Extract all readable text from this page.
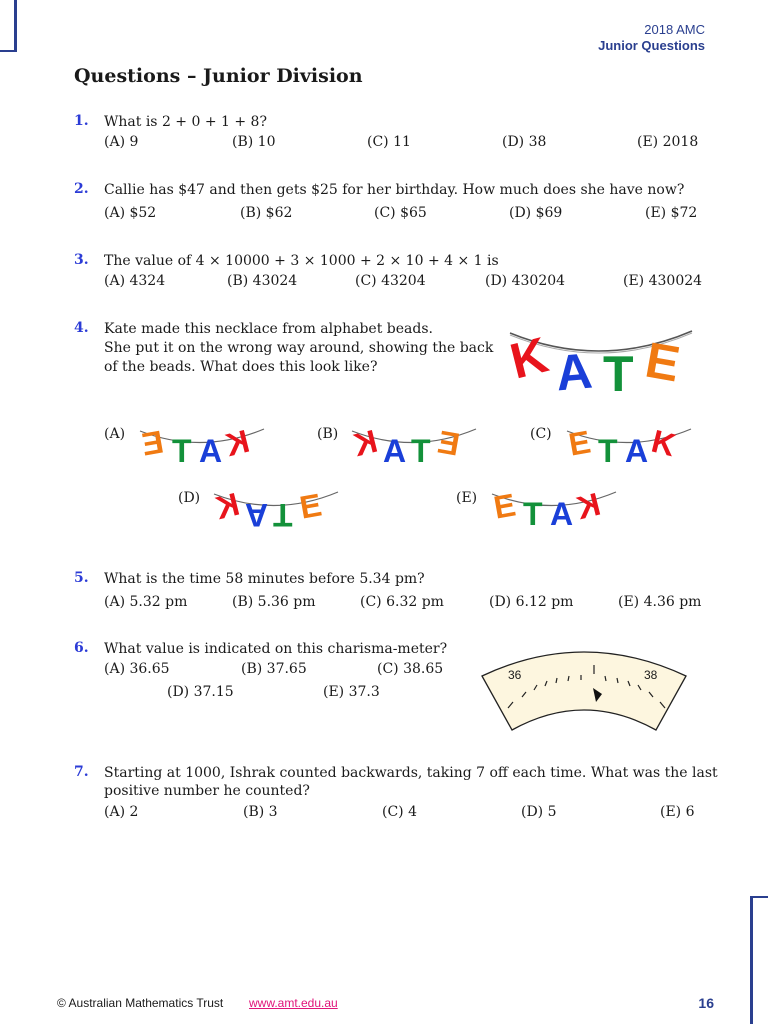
2018 AMC
Junior Questions
Questions – Junior Division
1. What is 2 + 0 + 1 + 8?
(A) 9	(B) 10	(C) 11	(D) 38	(E) 2018
2. Callie has $47 and then gets $25 for her birthday. How much does she have now?
(A) $52	(B) $62	(C) $65	(D) $69	(E) $72
3. The value of 4 × 10000 + 3 × 1000 + 2 × 10 + 4 × 1 is
(A) 4324	(B) 43024	(C) 43204	(D) 430204	(E) 430024
4. Kate made this necklace from alphabet beads.
She put it on the wrong way around, showing the back
of the beads. What does this look like?	K A T E
(A)	(B)	(C)
(D)	(E)
E T A K	K A T E	E T A K
K A T E	E T A K
5. What is the time 58 minutes before 5.34 pm?
(A) 5.32 pm	(B) 5.36 pm	(C) 6.32 pm	(D) 6.12 pm	(E) 4.36 pm
6. What value is indicated on this charisma-meter?
(A) 36.65	(B) 37.65	(C) 38.65
(D) 37.15	(E) 37.3
36	38
7. Starting at 1000, Ishrak counted backwards, taking 7 off each time. What was the last
positive number he counted?
(A) 2	(B) 3	(C) 4	(D) 5	(E) 6
© Australian Mathematics Trust www.amt.edu.au	16
